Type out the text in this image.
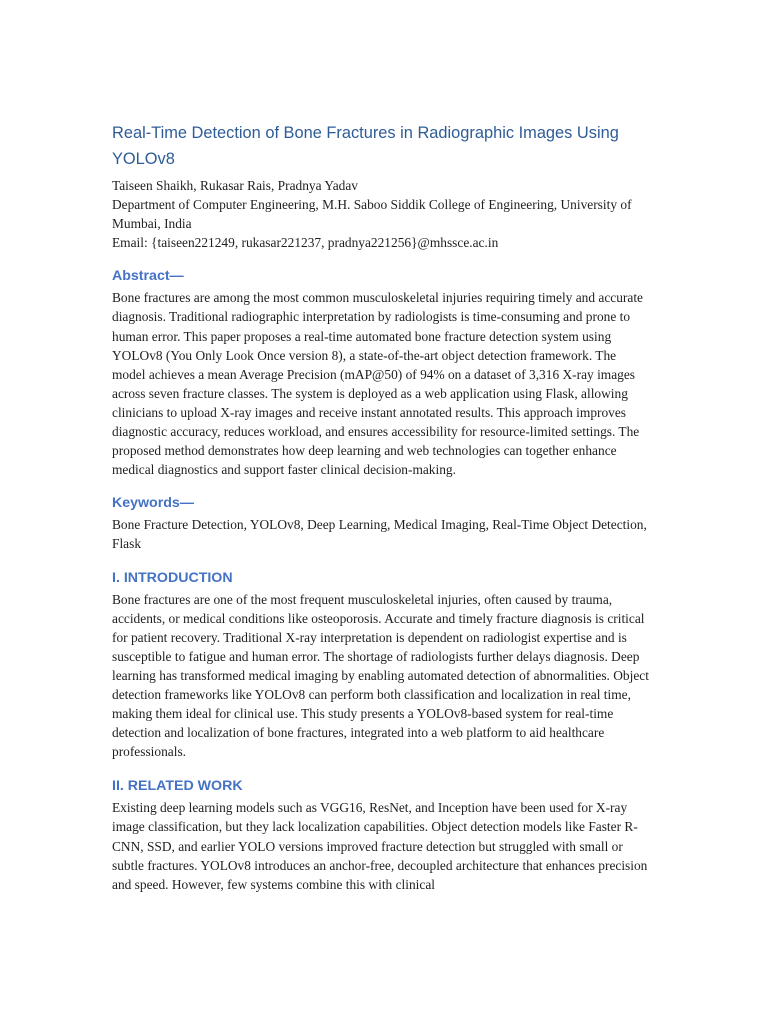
Real-Time Detection of Bone Fractures in Radiographic Images Using YOLOv8

Taiseen Shaikh, Rukasar Rais, Pradnya Yadav

Department of Computer Engineering, M.H. Saboo Siddik College of Engineering, University of Mumbai, India

Email: {taiseen221249, rukasar221237, pradnya221256}@mhssce.ac.in

Abstract—

Bone fractures are among the most common musculoskeletal injuries requiring timely and accurate diagnosis. Traditional radiographic interpretation by radiologists is time-consuming and prone to human error. This paper proposes a real-time automated bone fracture detection system using YOLOv8 (You Only Look Once version 8), a state-of-the-art object detection framework. The model achieves a mean Average Precision (mAP@50) of 94% on a dataset of 3,316 X-ray images across seven fracture classes. The system is deployed as a web application using Flask, allowing clinicians to upload X-ray images and receive instant annotated results. This approach improves diagnostic accuracy, reduces workload, and ensures accessibility for resource-limited settings. The proposed method demonstrates how deep learning and web technologies can together enhance medical diagnostics and support faster clinical decision-making.

Keywords—

Bone Fracture Detection, YOLOv8, Deep Learning, Medical Imaging, Real-Time Object Detection, Flask

I. INTRODUCTION

Bone fractures are one of the most frequent musculoskeletal injuries, often caused by trauma, accidents, or medical conditions like osteoporosis. Accurate and timely fracture diagnosis is critical for patient recovery. Traditional X-ray interpretation is dependent on radiologist expertise and is susceptible to fatigue and human error. The shortage of radiologists further delays diagnosis. Deep learning has transformed medical imaging by enabling automated detection of abnormalities. Object detection frameworks like YOLOv8 can perform both classification and localization in real time, making them ideal for clinical use. This study presents a YOLOv8-based system for real-time detection and localization of bone fractures, integrated into a web platform to aid healthcare professionals.

II. RELATED WORK

Existing deep learning models such as VGG16, ResNet, and Inception have been used for X-ray image classification, but they lack localization capabilities. Object detection models like Faster R-CNN, SSD, and earlier YOLO versions improved fracture detection but struggled with small or subtle fractures. YOLOv8 introduces an anchor-free, decoupled architecture that enhances precision and speed. However, few systems combine this with clinical
